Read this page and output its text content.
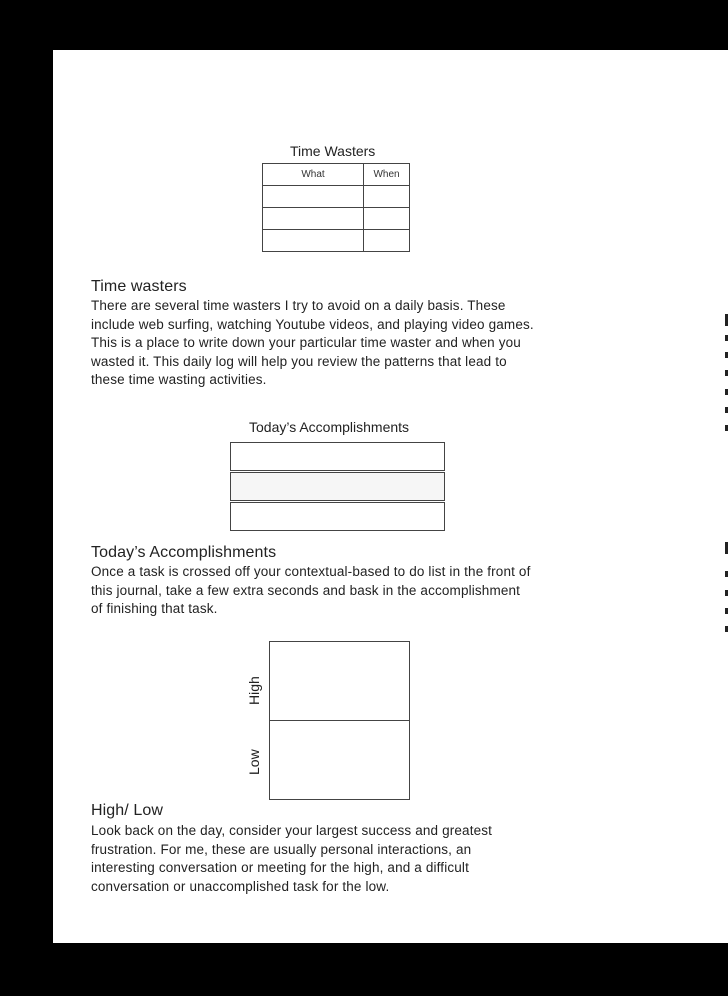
Time Wasters
What	When

Time wasters
There are several time wasters I try to avoid on a daily basis. These
include web surfing, watching Youtube videos, and playing video games.
This is a place to write down your particular time waster and when you
wasted it. This daily log will help you review the patterns that lead to
these time wasting activities.
Today’s Accomplishments
Today’s Accomplishments
Once a task is crossed off your contextual-based to do list in the front of
this journal, take a few extra seconds and bask in the accomplishment
of finishing that task.
High
Low
High/ Low
Look back on the day, consider your largest success and greatest
frustration. For me, these are usually personal interactions, an
interesting conversation or meeting for the high, and a difficult
conversation or unaccomplished task for the low.
